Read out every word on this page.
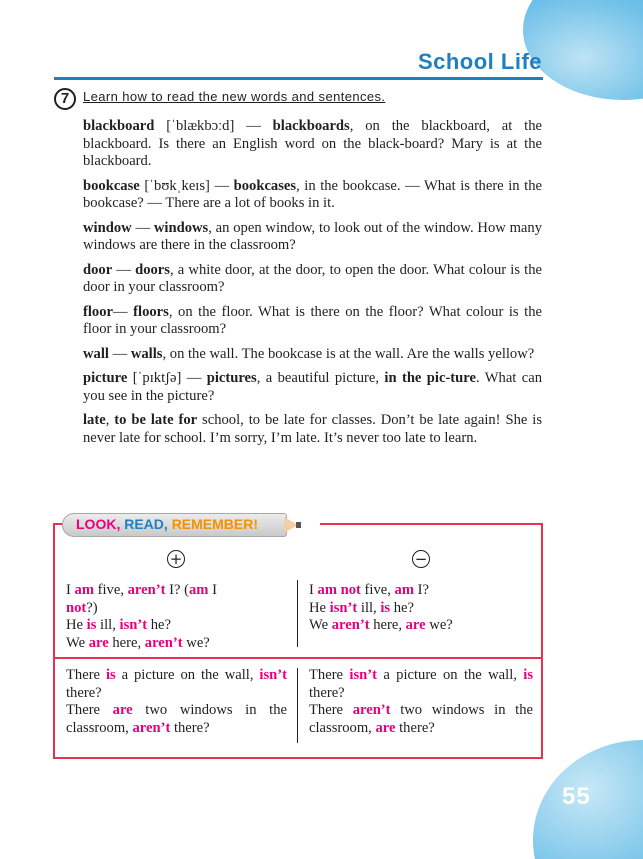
School Life
7	Learn how to read the new words and sentences.

blackboard [ˈblækbɔːd] — blackboards, on the blackboard, at the blackboard. Is there an English word on the black-board? Mary is at the blackboard.

bookcase [ˈbʊkˌkeɪs] — bookcases, in the bookcase. — What is there in the bookcase? — There are a lot of books in it.

window — windows, an open window, to look out of the window. How many windows are there in the classroom?

door — doors, a white door, at the door, to open the door. What colour is the door in your classroom?

floor— floors, on the floor. What is there on the floor? What colour is the floor in your classroom?

wall — walls, on the wall. The bookcase is at the wall. Are the walls yellow?

picture [ˈpɪktʃə] — pictures, a beautiful picture, in the pic-ture. What can you see in the picture?

late, to be late for school, to be late for classes. Don’t be late again! She is never late for school. I’m sorry, I’m late. It’s never too late to learn.

LOOK, READ, REMEMBER!
+	−
I am five, aren’t I? (am I
not?)
He is ill, isn’t he?
We are here, aren’t we?
I am not five, am I?
He isn’t ill, is he?
We aren’t here, are we?
There is a picture on the wall, isn’t there?
There are two windows in the classroom, aren’t there?
There isn’t a picture on the wall, is there?
There aren’t two windows in the classroom, are there?
55
